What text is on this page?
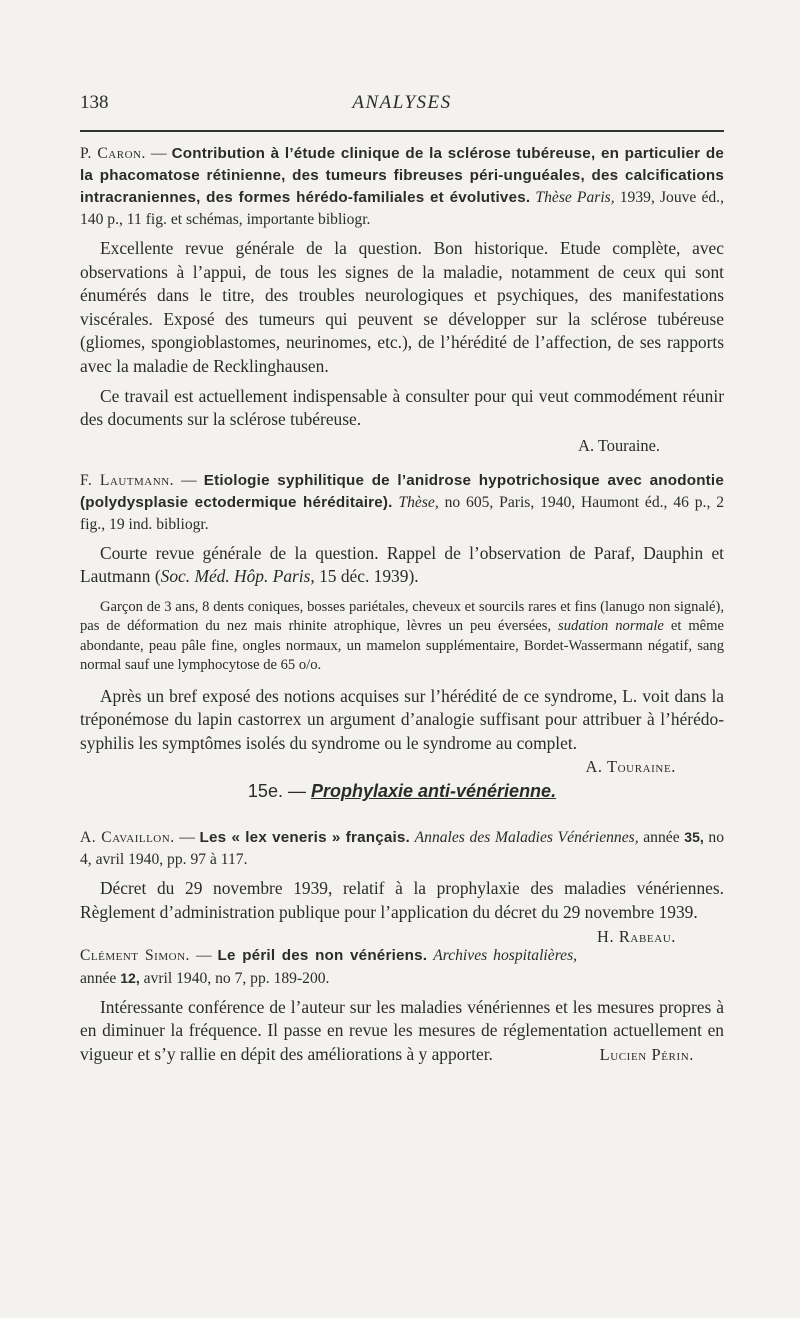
138	ANALYSES

P. Caron. — Contribution à l’étude clinique de la sclérose tubéreuse, en particulier de la phacomatose rétinienne, des tumeurs fibreuses péri-unguéales, des calcifications intracraniennes, des formes hérédo-familiales et évolutives. Thèse Paris, 1939, Jouve éd., 140 p., 11 fig. et schémas, importante bibliogr.

Excellente revue générale de la question. Bon historique. Etude complète, avec observations à l’appui, de tous les signes de la maladie, notamment de ceux qui sont énumérés dans le titre, des troubles neurologiques et psychiques, des manifestations viscérales. Exposé des tumeurs qui peuvent se développer sur la sclérose tubéreuse (gliomes, spongioblastomes, neurinomes, etc.), de l’hérédité de l’affection, de ses rapports avec la maladie de Recklinghausen.

Ce travail est actuellement indispensable à consulter pour qui veut commodément réunir des documents sur la sclérose tubéreuse.

A. Touraine.

F. Lautmann. — Etiologie syphilitique de l’anidrose hypotrichosique avec anodontie (polydysplasie ectodermique héréditaire). Thèse, no 605, Paris, 1940, Haumont éd., 46 p., 2 fig., 19 ind. bibliogr.

Courte revue générale de la question. Rappel de l’observation de Paraf, Dauphin et Lautmann (Soc. Méd. Hôp. Paris, 15 déc. 1939).

Garçon de 3 ans, 8 dents coniques, bosses pariétales, cheveux et sourcils rares et fins (lanugo non signalé), pas de déformation du nez mais rhinite atrophique, lèvres un peu éversées, sudation normale et même abondante, peau pâle fine, ongles normaux, un mamelon supplémentaire, Bordet-Wassermann négatif, sang normal sauf une lymphocytose de 65 o/o.

Après un bref exposé des notions acquises sur l’hérédité de ce syndrome, L. voit dans la tréponémose du lapin castorrex un argument d’analogie suffisant pour attribuer à l’hérédo-syphilis les symptômes isolés du syndrome ou le syndrome au complet.
A. Touraine.

15e. — Prophylaxie anti-vénérienne.

A. Cavaillon. — Les « lex veneris » français. Annales des Maladies Vénériennes, année 35, no 4, avril 1940, pp. 97 à 117.

Décret du 29 novembre 1939, relatif à la prophylaxie des maladies vénériennes. Règlement d’administration publique pour l’application du décret du 29 novembre 1939.
H. Rabeau.

Clément Simon. — Le péril des non vénériens. Archives hospitalières, année 12, avril 1940, no 7, pp. 189-200.

Intéressante conférence de l’auteur sur les maladies vénériennes et les mesures propres à en diminuer la fréquence. Il passe en revue les mesures de réglementation actuellement en vigueur et s’y rallie en dépit des améliorations à y apporter.	Lucien Périn.
